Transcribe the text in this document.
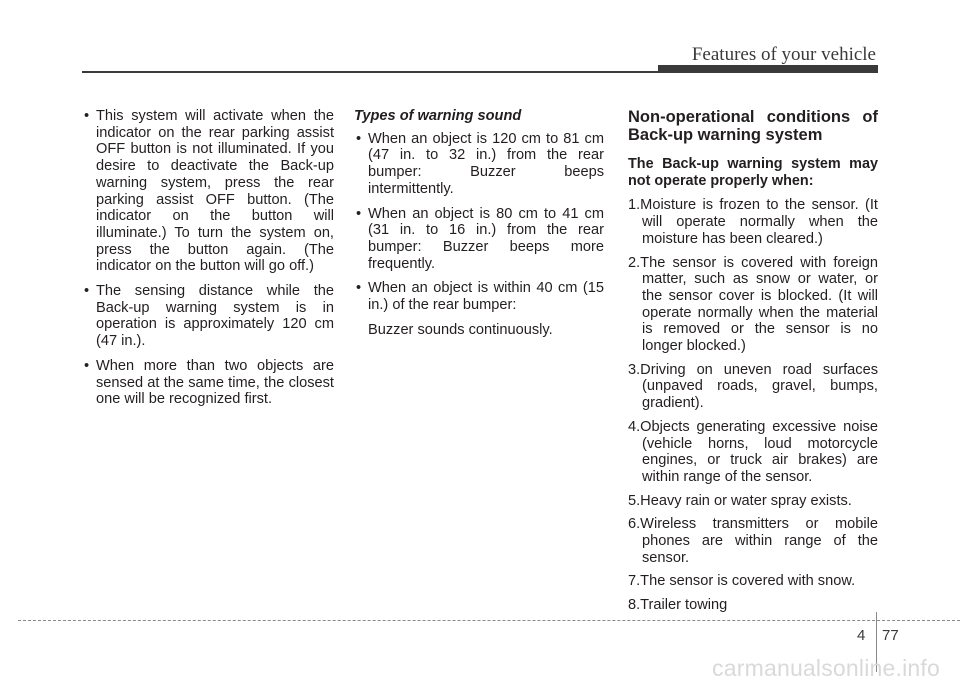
Features of your vehicle
• This system will activate when the indicator on the rear parking assist OFF button is not illuminated. If you desire to deactivate the Back-up warning system, press the rear parking assist OFF button. (The indicator on the button will illuminate.) To turn the system on, press the button again. (The indicator on the button will go off.)
• The sensing distance while the Back-up warning system is in operation is approximately 120 cm (47 in.).
• When more than two objects are sensed at the same time, the closest one will be recognized first.
Types of warning sound
• When an object is 120 cm to 81 cm (47 in. to 32 in.) from the rear bumper: Buzzer beeps intermittently.
• When an object is 80 cm to 41 cm (31 in. to 16 in.) from the rear bumper: Buzzer beeps more frequently.
• When an object is within 40 cm (15 in.) of the rear bumper:
Buzzer sounds continuously.
Non-operational conditions of Back-up warning system
The Back-up warning system may not operate properly when:
1.Moisture is frozen to the sensor. (It will operate normally when the moisture has been cleared.)
2.The sensor is covered with foreign matter, such as snow or water, or the sensor cover is blocked. (It will operate normally when the material is removed or the sensor is no longer blocked.)
3.Driving on uneven road surfaces (unpaved roads, gravel, bumps, gradient).
4.Objects generating excessive noise (vehicle horns, loud motorcycle engines, or truck air brakes) are within range of the sensor.
5.Heavy rain or water spray exists.
6.Wireless transmitters or mobile phones are within range of the sensor.
7.The sensor is covered with snow.
8.Trailer towing
4 77
carmanualsonline.info
